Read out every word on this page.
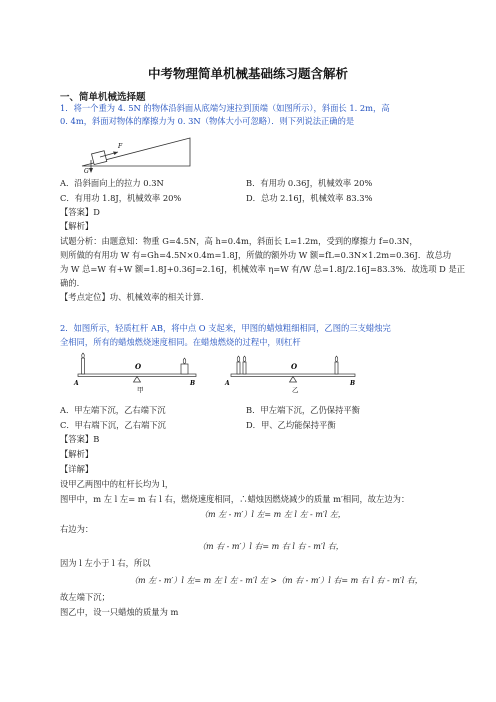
中考物理简单机械基础练习题含解析
一、简单机械选择题
1．将一个重为 4. 5N 的物体沿斜面从底端匀速拉到顶端（如图所示），斜面长 1. 2m，高
0. 4m，斜面对物体的摩擦力为 0. 3N（物体大小可忽略）．则下列说法正确的是
F
G
A．沿斜面向上的拉力 0.3N	B．有用功 0.36J，机械效率 20%
C．有用功 1.8J，机械效率 20%	D．总功 2.16J，机械效率 83.3%
【答案】D
【解析】
试题分析：由题意知：物重 G=4.5N，高 h=0.4m，斜面长 L=1.2m，受到的摩擦力 f=0.3N，
则所做的有用功 W 有=Gh=4.5N×0.4m=1.8J，所做的额外功 W 额=fL=0.3N×1.2m=0.36J．故总功
为 W 总=W 有+W 额=1.8J+0.36J=2.16J，机械效率 η=W 有/W 总=1.8J/2.16J=83.3%．故选项 D 是正
确的.
【考点定位】功、机械效率的相关计算.
2．如图所示，轻质杠杆 AB，将中点 O 支起来，甲图的蜡烛粗细相同，乙图的三支蜡烛完
全相同，所有的蜡烛燃烧速度相同。在蜡烛燃烧的过程中，则杠杆
A
O
B
甲
A
O
B
乙
A．甲左端下沉，乙右端下沉	B．甲左端下沉，乙仍保持平衡
C．甲右端下沉，乙右端下沉	D．甲、乙均能保持平衡
【答案】B
【解析】
【详解】
设甲乙两图中的杠杆长均为 l，
图甲中，m 左 l 左= m 右 l 右，燃烧速度相同，∴蜡烛因燃烧减少的质量 m′相同，故左边为：
（m 左 - m′）l 左= m 左 l 左 - m′l 左，
右边为：
（m 右 - m′）l 右= m 右 l 右 - m′l 右，
因为 l 左小于 l 右，所以
（m 左 - m′）l 左= m 左 l 左 - m′l 左 >（m 右 - m′）l 右= m 右 l 右 - m′l 右，
故左端下沉；
图乙中，设一只蜡烛的质量为 m
